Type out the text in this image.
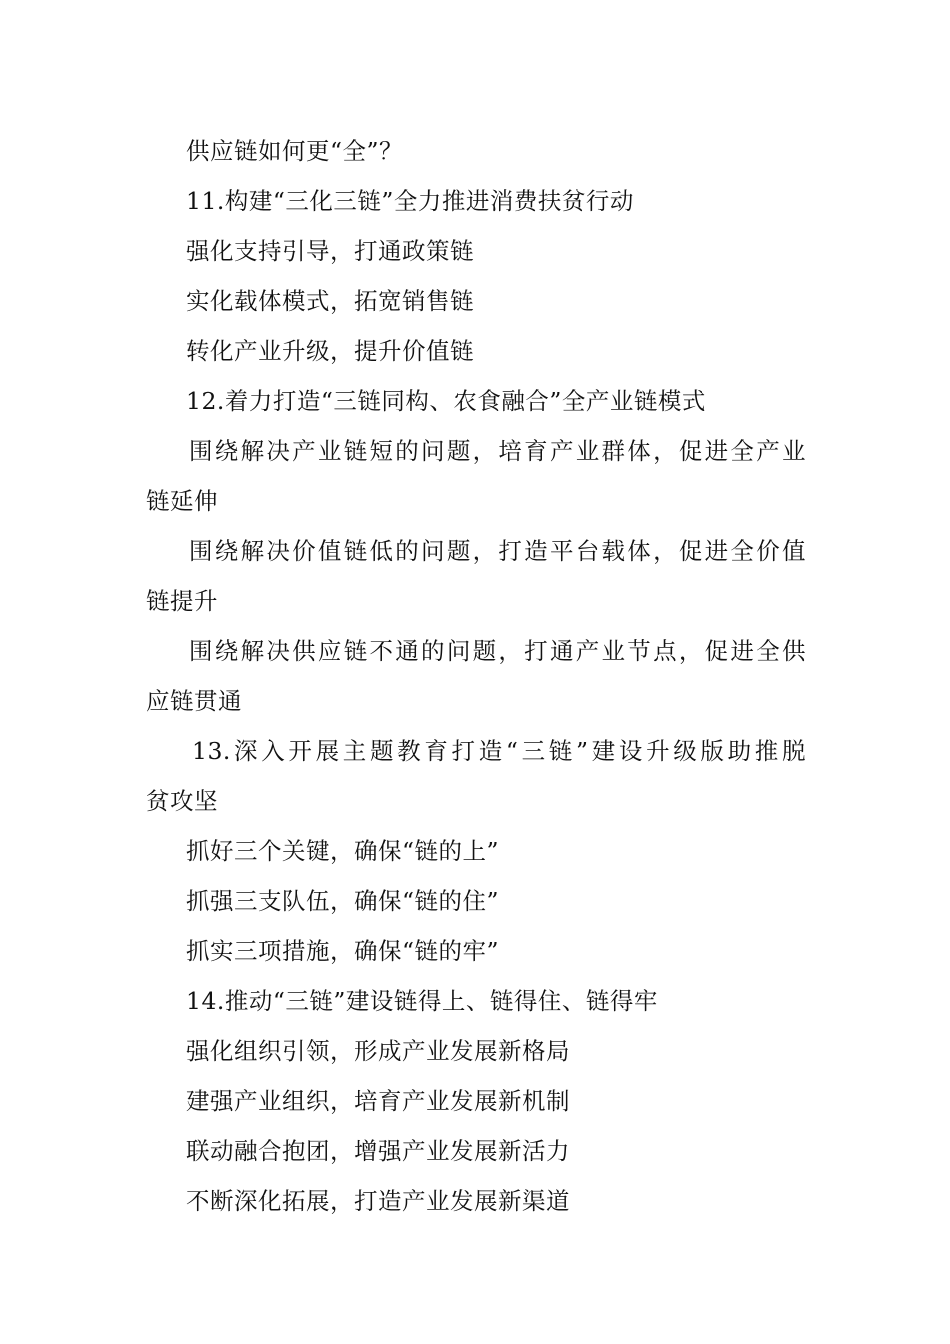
供应链如何更“全”？
11.构建“三化三链”全力推进消费扶贫行动
强化支持引导，打通政策链
实化载体模式，拓宽销售链
转化产业升级，提升价值链
12.着力打造“三链同构、农食融合”全产业链模式
围绕解决产业链短的问题，培育产业群体，促进全产业
链延伸
围绕解决价值链低的问题，打造平台载体，促进全价值
链提升
围绕解决供应链不通的问题，打通产业节点，促进全供
应链贯通
13.深入开展主题教育打造“三链”建设升级版助推脱
贫攻坚
抓好三个关键，确保“链的上”
抓强三支队伍，确保“链的住”
抓实三项措施，确保“链的牢”
14.推动“三链”建设链得上、链得住、链得牢
强化组织引领，形成产业发展新格局
建强产业组织，培育产业发展新机制
联动融合抱团，增强产业发展新活力
不断深化拓展，打造产业发展新渠道
